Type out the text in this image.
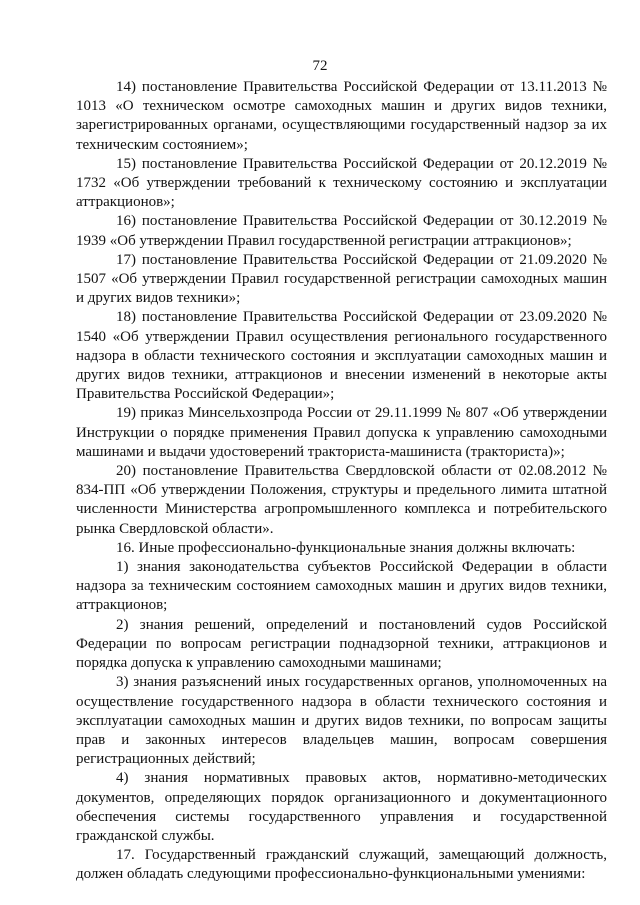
72

14) постановление Правительства Российской Федерации от 13.11.2013 № 1013 «О техническом осмотре самоходных машин и других видов техники, зарегистрированных органами, осуществляющими государственный надзор за их техническим состоянием»;

15) постановление Правительства Российской Федерации от 20.12.2019 № 1732 «Об утверждении требований к техническому состоянию и эксплуатации аттракционов»;

16) постановление Правительства Российской Федерации от 30.12.2019 № 1939 «Об утверждении Правил государственной регистрации аттракционов»;

17) постановление Правительства Российской Федерации от 21.09.2020 № 1507 «Об утверждении Правил государственной регистрации самоходных машин и других видов техники»;

18) постановление Правительства Российской Федерации от 23.09.2020 № 1540 «Об утверждении Правил осуществления регионального государственного надзора в области технического состояния и эксплуатации самоходных машин и других видов техники, аттракционов и внесении изменений в некоторые акты Правительства Российской Федерации»;

19) приказ Минсельхозпрода России от 29.11.1999 № 807 «Об утверждении Инструкции о порядке применения Правил допуска к управлению самоходными машинами и выдачи удостоверений тракториста-машиниста (тракториста)»;

20) постановление Правительства Свердловской области от 02.08.2012 № 834-ПП «Об утверждении Положения, структуры и предельного лимита штатной численности Министерства агропромышленного комплекса и потребительского рынка Свердловской области».

16. Иные профессионально-функциональные знания должны включать:

1) знания законодательства субъектов Российской Федерации в области надзора за техническим состоянием самоходных машин и других видов техники, аттракционов;

2) знания решений, определений и постановлений судов Российской Федерации по вопросам регистрации поднадзорной техники, аттракционов и порядка допуска к управлению самоходными машинами;

3) знания разъяснений иных государственных органов, уполномоченных на осуществление государственного надзора в области технического состояния и эксплуатации самоходных машин и других видов техники, по вопросам защиты прав и законных интересов владельцев машин, вопросам совершения регистрационных действий;

4) знания нормативных правовых актов, нормативно-методических документов, определяющих порядок организационного и документационного обеспечения системы государственного управления и государственной гражданской службы.

17. Государственный гражданский служащий, замещающий должность, должен обладать следующими профессионально-функциональными умениями:
